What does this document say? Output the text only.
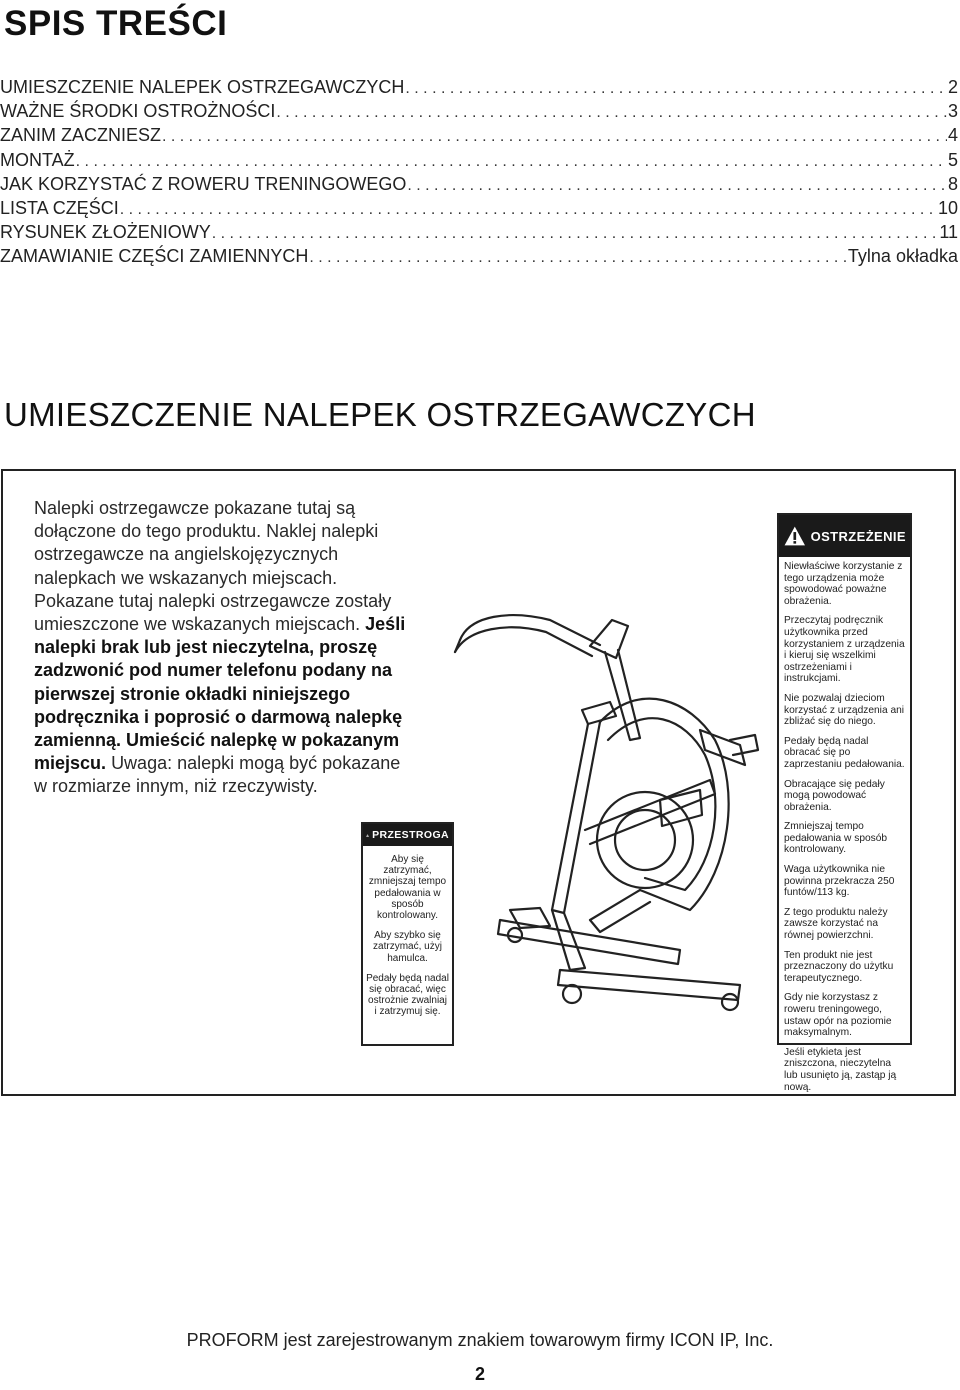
SPIS TREŚCI
UMIESZCZENIE NALEPEK OSTRZEGAWCZYCH . . .	2
WAŻNE ŚRODKI OSTROŻNOŚCI . . .	3
ZANIM ZACZNIESZ . . .	4
MONTAŻ . . .	5
JAK KORZYSTAĆ Z ROWERU TRENINGOWEGO . . .	8
LISTA CZĘŚCI . . .	10
RYSUNEK ZŁOŻENIOWY . . .	11
ZAMAWIANIE CZĘŚCI ZAMIENNYCH . . .	Tylna okładka
UMIESZCZENIE NALEPEK OSTRZEGAWCZYCH

Nalepki ostrzegawcze pokazane tutaj są dołączone do tego produktu. Naklej nalepki ostrzegawcze na angielskojęzycznych nalepkach we wskazanych miejscach. Pokazane tutaj nalepki ostrzegawcze zostały umieszczone we wskazanych miejscach. Jeśli nalepki brak lub jest nieczytelna, proszę zadzwonić pod numer telefonu podany na pierwszej stronie okładki niniejszego podręcznika i poprosić o darmową nalepkę zamienną. Umieścić nalepkę w pokazanym miejscu. Uwaga: nalepki mogą być pokazane w rozmiarze innym, niż rzeczywisty.

OSTRZEŻENIE

Niewłaściwe korzystanie z tego urządzenia może spowodować poważne obrażenia.

Przeczytaj podręcznik użytkownika przed korzystaniem z urządzenia i kieruj się wszelkimi ostrzeżeniami i instrukcjami.

Nie pozwalaj dzieciom korzystać z urządzenia ani zbliżać się do niego.

Pedały będą nadal obracać się po zaprzestaniu pedałowania.

Obracające się pedały mogą powodować obrażenia.

Zmniejszaj tempo pedałowania w sposób kontrolowany.

Waga użytkownika nie powinna przekracza 250 funtów/113 kg.

Z tego produktu należy zawsze korzystać na równej powierzchni.

Ten produkt nie jest przeznaczony do użytku terapeutycznego.

Gdy nie korzystasz z roweru treningowego, ustaw opór na poziomie maksymalnym.

Jeśli etykieta jest zniszczona, nieczytelna lub usunięto ją, zastąp ją nową.

PRZESTROGA

Aby się zatrzymać, zmniejszaj tempo pedałowania w sposób kontrolowany.

Aby szybko się zatrzymać, użyj hamulca.

Pedały będą nadal się obracać, więc ostrożnie zwalniaj i zatrzymuj się.

PROFORM jest zarejestrowanym znakiem towarowym firmy ICON IP, Inc.

2
